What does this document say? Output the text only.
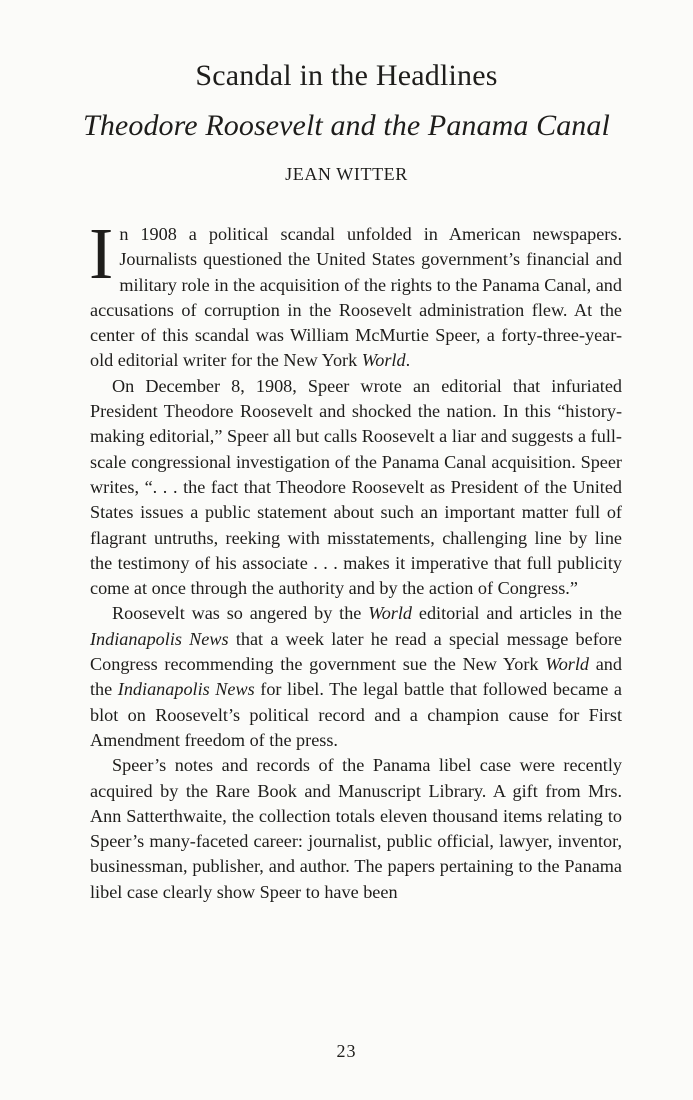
Scandal in the Headlines
Theodore Roosevelt and the Panama Canal
JEAN WITTER

In 1908 a political scandal unfolded in American newspapers. Journalists questioned the United States government’s financial and military role in the acquisition of the rights to the Panama Canal, and accusations of corruption in the Roosevelt administration flew. At the center of this scandal was William McMurtie Speer, a forty-three-year-old editorial writer for the New York World.

On December 8, 1908, Speer wrote an editorial that infuriated President Theodore Roosevelt and shocked the nation. In this “history-making editorial,” Speer all but calls Roosevelt a liar and suggests a full-scale congressional investigation of the Panama Canal acquisition. Speer writes, “. . . the fact that Theodore Roosevelt as President of the United States issues a public statement about such an important matter full of flagrant untruths, reeking with misstatements, challenging line by line the testimony of his associate . . . makes it imperative that full publicity come at once through the authority and by the action of Congress.”

Roosevelt was so angered by the World editorial and articles in the Indianapolis News that a week later he read a special message before Congress recommending the government sue the New York World and the Indianapolis News for libel. The legal battle that followed became a blot on Roosevelt’s political record and a champion cause for First Amendment freedom of the press.

Speer’s notes and records of the Panama libel case were recently acquired by the Rare Book and Manuscript Library. A gift from Mrs. Ann Satterthwaite, the collection totals eleven thousand items relating to Speer’s many-faceted career: journalist, public official, lawyer, inventor, businessman, publisher, and author. The papers pertaining to the Panama libel case clearly show Speer to have been

23
